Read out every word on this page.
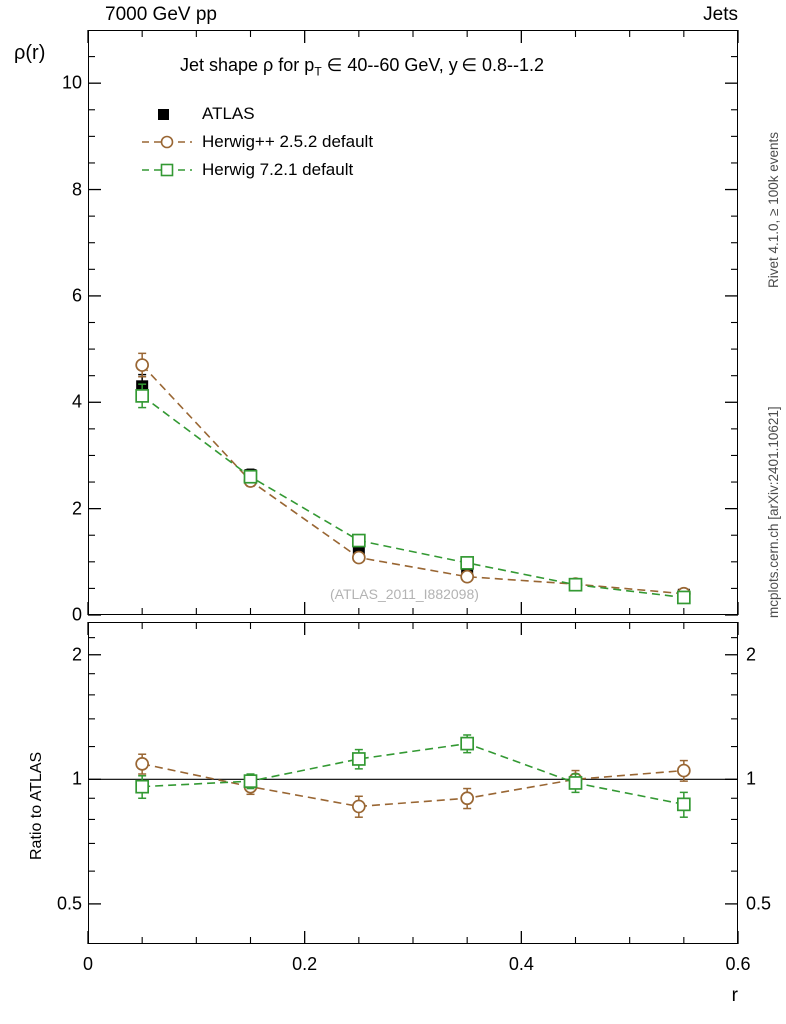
7000 GeV pp	Jets
Rivet 4.1.0, ≥ 100k events
mcplots.cern.ch [arXiv:2401.10621]
ρ(r)
Ratio to ATLAS
r
Jet shape ρ for $p_T$ ∈ 40--60 GeV, y ∈ 0.8--1.2
ATLAS
Herwig++ 2.5.2 default
Herwig 7.2.1 default
(ATLAS_2011_I882098)
0
2
4
6
8
10
0.5	0.5
1	1
2	2
0	0.2	0.4	0.6
